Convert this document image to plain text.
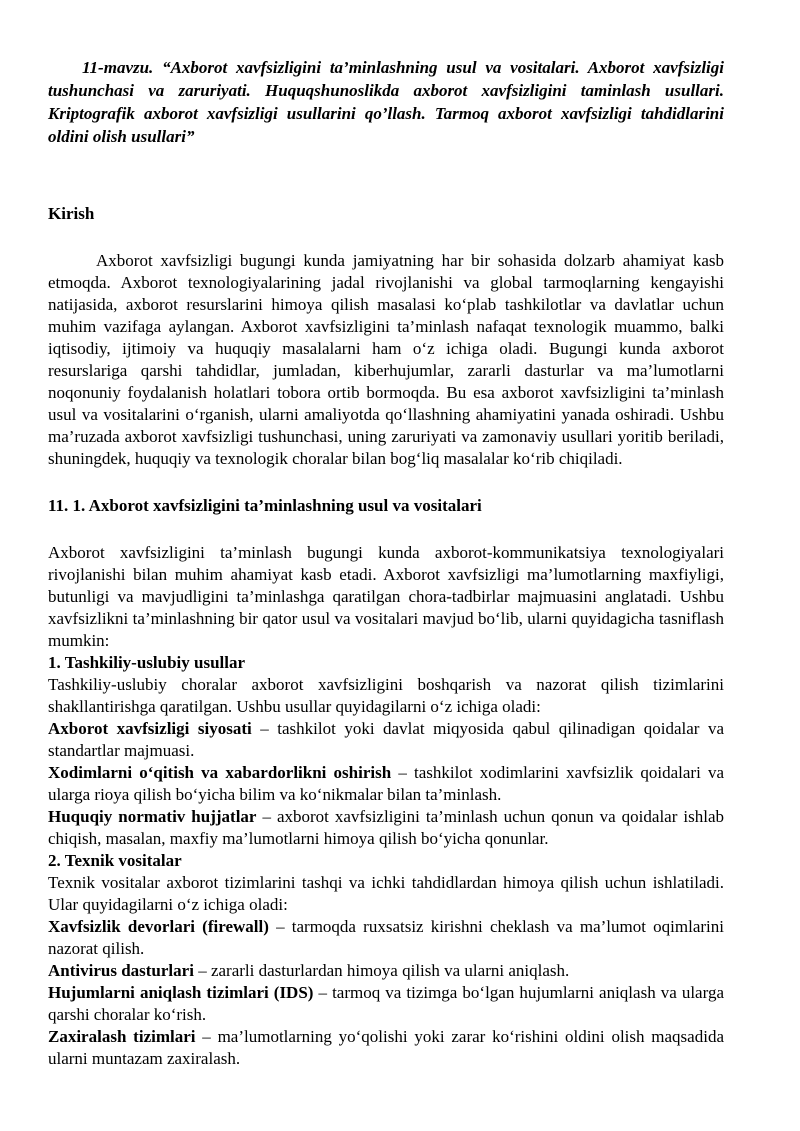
11-mavzu. “Axborot xavfsizligini ta’minlashning usul va vositalari. Axborot xavfsizligi tushunchasi va zaruriyati. Huquqshunoslikda axborot xavfsizligini taminlash usullari. Kriptografik axborot xavfsizligi usullarini qo’llash. Tarmoq axborot xavfsizligi tahdidlarini oldini olish usullari”

Kirish

Axborot xavfsizligi bugungi kunda jamiyatning har bir sohasida dolzarb ahamiyat kasb etmoqda. Axborot texnologiyalarining jadal rivojlanishi va global tarmoqlarning kengayishi natijasida, axborot resurslarini himoya qilish masalasi ko‘plab tashkilotlar va davlatlar uchun muhim vazifaga aylangan. Axborot xavfsizligini ta’minlash nafaqat texnologik muammo, balki iqtisodiy, ijtimoiy va huquqiy masalalarni ham o‘z ichiga oladi. Bugungi kunda axborot resurslariga qarshi tahdidlar, jumladan, kiberhujumlar, zararli dasturlar va ma’lumotlarni noqonuniy foydalanish holatlari tobora ortib bormoqda. Bu esa axborot xavfsizligini ta’minlash usul va vositalarini o‘rganish, ularni amaliyotda qo‘llashning ahamiyatini yanada oshiradi. Ushbu ma’ruzada axborot xavfsizligi tushunchasi, uning zaruriyati va zamonaviy usullari yoritib beriladi, shuningdek, huquqiy va texnologik choralar bilan bog‘liq masalalar ko‘rib chiqiladi.

11. 1. Axborot xavfsizligini ta’minlashning usul va vositalari

Axborot xavfsizligini ta’minlash bugungi kunda axborot-kommunikatsiya texnologiyalari rivojlanishi bilan muhim ahamiyat kasb etadi. Axborot xavfsizligi ma’lumotlarning maxfiyligi, butunligi va mavjudligini ta’minlashga qaratilgan chora-tadbirlar majmuasini anglatadi. Ushbu xavfsizlikni ta’minlashning bir qator usul va vositalari mavjud bo‘lib, ularni quyidagicha tasniflash mumkin:

1. Tashkiliy-uslubiy usullar

Tashkiliy-uslubiy choralar axborot xavfsizligini boshqarish va nazorat qilish tizimlarini shakllantirishga qaratilgan. Ushbu usullar quyidagilarni o‘z ichiga oladi:

Axborot xavfsizligi siyosati – tashkilot yoki davlat miqyosida qabul qilinadigan qoidalar va standartlar majmuasi.

Xodimlarni o‘qitish va xabardorlikni oshirish – tashkilot xodimlarini xavfsizlik qoidalari va ularga rioya qilish bo‘yicha bilim va ko‘nikmalar bilan ta’minlash.

Huquqiy normativ hujjatlar – axborot xavfsizligini ta’minlash uchun qonun va qoidalar ishlab chiqish, masalan, maxfiy ma’lumotlarni himoya qilish bo‘yicha qonunlar.

2. Texnik vositalar

Texnik vositalar axborot tizimlarini tashqi va ichki tahdidlardan himoya qilish uchun ishlatiladi. Ular quyidagilarni o‘z ichiga oladi:

Xavfsizlik devorlari (firewall) – tarmoqda ruxsatsiz kirishni cheklash va ma’lumot oqimlarini nazorat qilish.

Antivirus dasturlari – zararli dasturlardan himoya qilish va ularni aniqlash.

Hujumlarni aniqlash tizimlari (IDS) – tarmoq va tizimga bo‘lgan hujumlarni aniqlash va ularga qarshi choralar ko‘rish.

Zaxiralash tizimlari – ma’lumotlarning yo‘qolishi yoki zarar ko‘rishini oldini olish maqsadida ularni muntazam zaxiralash.
